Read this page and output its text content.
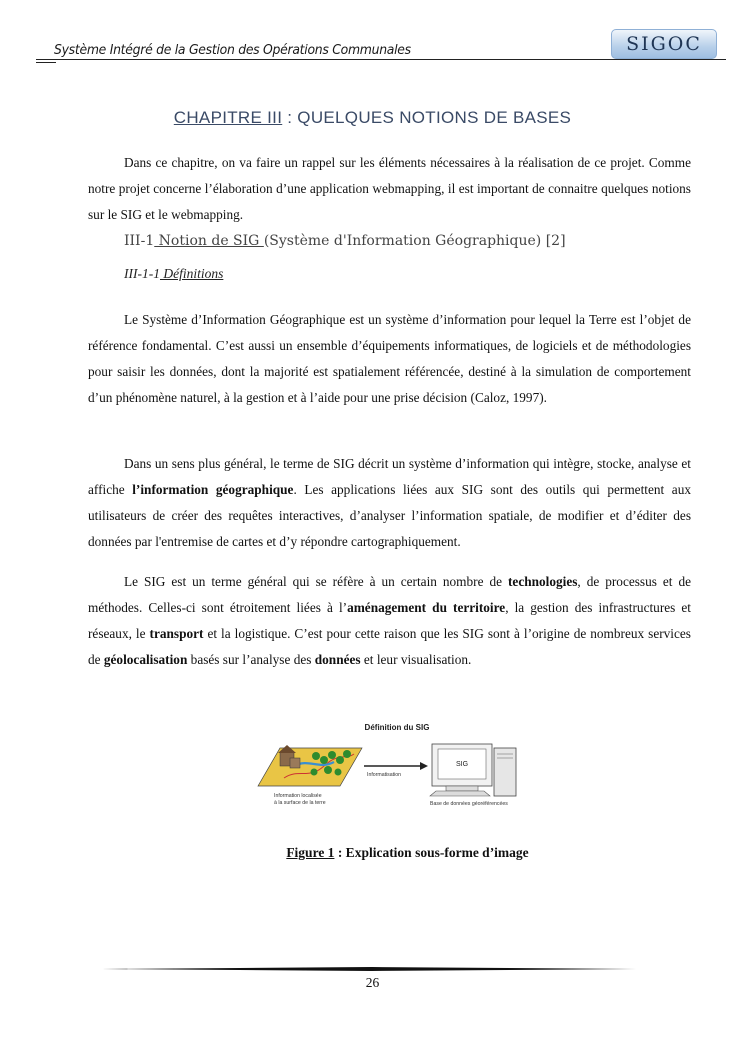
Système Intégré de la Gestion des Opérations Communales	SIGOC
CHAPITRE III : QUELQUES NOTIONS DE BASES

Dans ce chapitre, on va faire un rappel sur les éléments nécessaires à la réalisation de ce projet. Comme notre projet concerne l’élaboration d’une application webmapping, il est important de connaitre quelques notions sur le SIG et le webmapping.

III-1 Notion de SIG (Système d'Information Géographique) [2]
III-1-1 Définitions

Le Système d’Information Géographique est un système d’information pour lequel la Terre est l’objet de référence fondamental. C’est aussi un ensemble d’équipements informatiques, de logiciels et de méthodologies pour saisir les données, dont la majorité est spatialement référencée, destiné à la simulation de comportement d’un phénomène naturel, à la gestion et à l’aide pour une prise décision (Caloz, 1997).

Dans un sens plus général, le terme de SIG décrit un système d’information qui intègre, stocke, analyse et affiche l’information géographique. Les applications liées aux SIG sont des outils qui permettent aux utilisateurs de créer des requêtes interactives, d’analyser l’information spatiale, de modifier et d’éditer des données par l'entremise de cartes et d’y répondre cartographiquement.

Le SIG est un terme général qui se réfère à un certain nombre de technologies, de processus et de méthodes. Celles-ci sont étroitement liées à l’aménagement du territoire, la gestion des infrastructures et réseaux, le transport et la logistique. C’est pour cette raison que les SIG sont à l’origine de nombreux services de géolocalisation basés sur l’analyse des données et leur visualisation.

Définition du SIG
Information localisée
à la surface de la terre
Informatisation
SIG
Base de données géoréférencées
Figure 1 : Explication sous-forme d’image
26
